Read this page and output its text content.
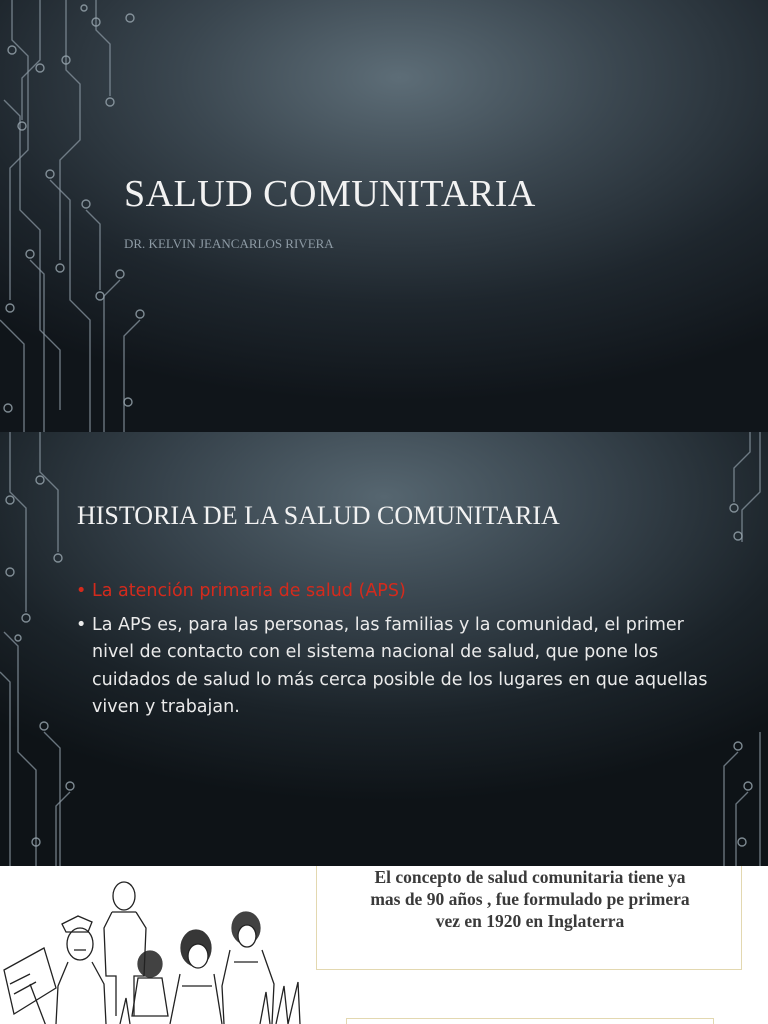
SALUD COMUNITARIA
DR. KELVIN JEANCARLOS RIVERA
HISTORIA DE LA SALUD COMUNITARIA
• La atención primaria de salud (APS)
• La APS es, para las personas, las familias y la comunidad, el primer nivel de contacto con el sistema nacional de salud, que pone los cuidados de salud lo más cerca posible de los lugares en que aquellas viven y trabajan.
El concepto de salud comunitaria tiene ya
mas de 90 años , fue formulado pe primera
vez en 1920 en Inglaterra
